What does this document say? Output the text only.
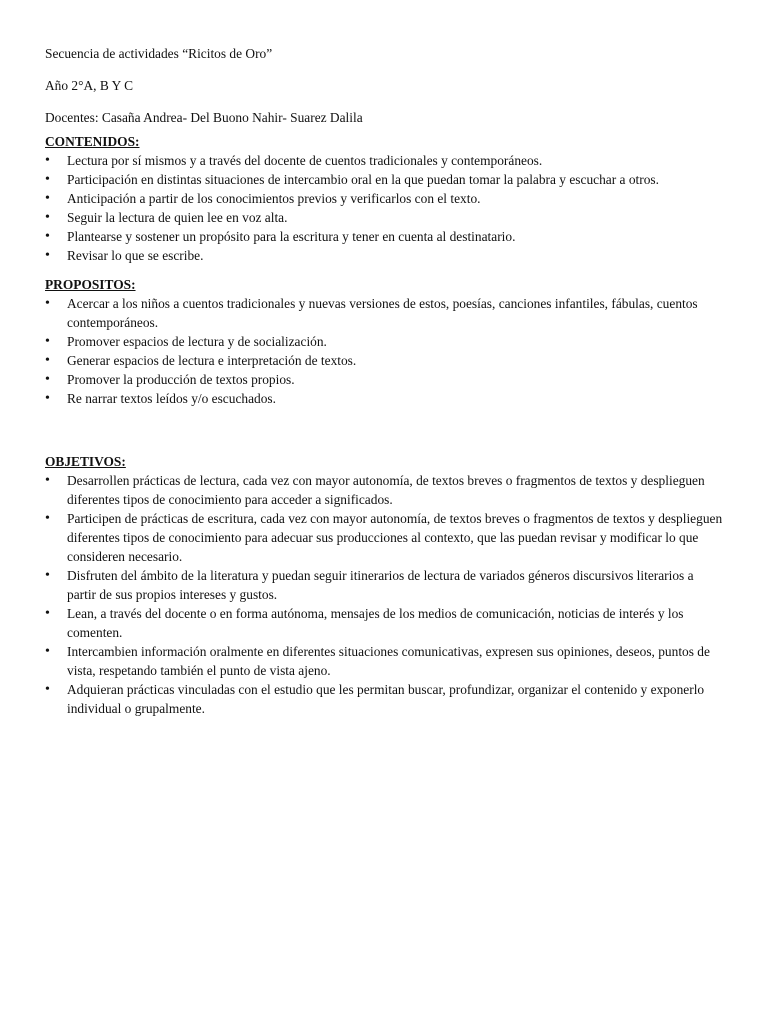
Secuencia de actividades “Ricitos de Oro”

Año 2°A, B Y C

Docentes: Casaña Andrea- Del Buono Nahir- Suarez Dalila

CONTENIDOS:

•	Lectura por sí mismos y a través del docente de cuentos tradicionales y contemporáneos.
•	Participación en distintas situaciones de intercambio oral en la que puedan tomar la palabra y escuchar a otros.
•	Anticipación a partir de los conocimientos previos y verificarlos con el texto.
•	Seguir la lectura de quien lee en voz alta.
•	Plantearse y sostener un propósito para la escritura y tener en cuenta al destinatario.
•	Revisar lo que se escribe.

PROPOSITOS:

•	Acercar a los niños a cuentos tradicionales y nuevas versiones de estos, poesías, canciones infantiles, fábulas, cuentos contemporáneos.
•	Promover espacios de lectura y de socialización.
•	Generar espacios de lectura e interpretación de textos.
•	Promover la producción de textos propios.
•	Re narrar textos leídos y/o escuchados.

OBJETIVOS:

•	Desarrollen prácticas de lectura, cada vez con mayor autonomía, de textos breves o fragmentos de textos y desplieguen diferentes tipos de conocimiento para acceder a significados.
•	Participen de prácticas de escritura, cada vez con mayor autonomía, de textos breves o fragmentos de textos y desplieguen diferentes tipos de conocimiento para adecuar sus producciones al contexto, que las puedan revisar y modificar lo que consideren necesario.
•	Disfruten del ámbito de la literatura y puedan seguir itinerarios de lectura de variados géneros discursivos literarios a partir de sus propios intereses y gustos.
•	Lean, a través del docente o en forma autónoma, mensajes de los medios de comunicación, noticias de interés y los comenten.
•	Intercambien información oralmente en diferentes situaciones comunicativas, expresen sus opiniones, deseos, puntos de vista, respetando también el punto de vista ajeno.
•	Adquieran prácticas vinculadas con el estudio que les permitan buscar, profundizar, organizar el contenido y exponerlo individual o grupalmente.
